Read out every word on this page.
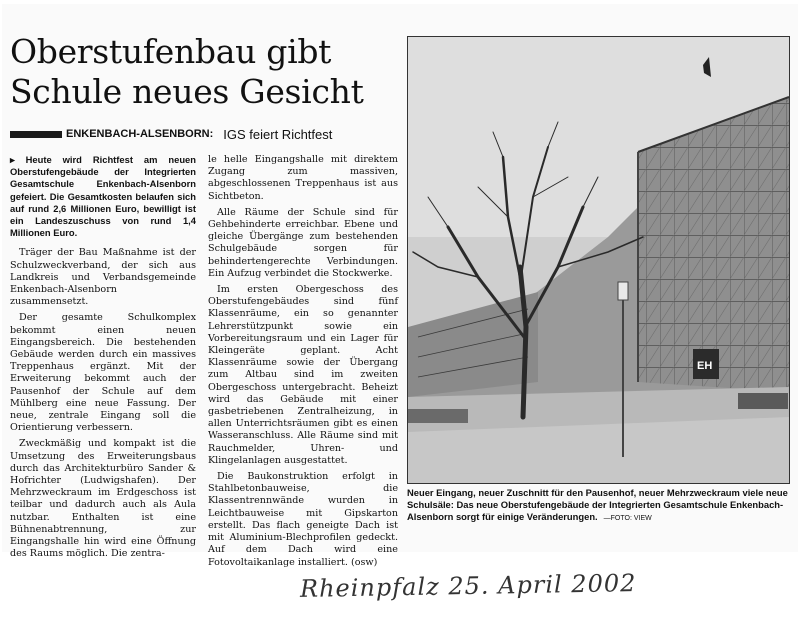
Oberstufenbau gibt
Schule neues Gesicht
ENKENBACH-ALSENBORN: IGS feiert Richtfest

▸ Heute wird Richtfest am neuen Oberstufengebäude der Integrierten Gesamtschule Enkenbach-Alsenborn gefeiert. Die Gesamtkosten belaufen sich auf rund 2,6 Millionen Euro, bewilligt ist ein Landeszuschuss von rund 1,4 Millionen Euro.

Träger der Bau Maßnahme ist der Schulzweckverband, der sich aus Landkreis und Verbandsgemeinde Enkenbach-Alsenborn zusammensetzt.

Der gesamte Schulkomplex bekommt einen neuen Eingangsbereich. Die bestehenden Gebäude werden durch ein massives Treppenhaus ergänzt. Mit der Erweiterung bekommt auch der Pausenhof der Schule auf dem Mühlberg eine neue Fassung. Der neue, zentrale Eingang soll die Orientierung verbessern.

Zweckmäßig und kompakt ist die Umsetzung des Erweiterungsbaus durch das Architekturbüro Sander & Hofrichter (Ludwigshafen). Der Mehrzweckraum im Erdgeschoss ist teilbar und dadurch auch als Aula nutzbar. Enthalten ist eine Bühnenabtrennung, zur Eingangshalle hin wird eine Öffnung des Raums möglich. Die zentra-

le helle Eingangshalle mit direktem Zugang zum massiven, abgeschlossenen Treppenhaus ist aus Sichtbeton.

Alle Räume der Schule sind für Gehbehinderte erreichbar. Ebene und gleiche Übergänge zum bestehenden Schulgebäude sorgen für behindertengerechte Verbindungen. Ein Aufzug verbindet die Stockwerke.

Im ersten Obergeschoss des Oberstufengebäudes sind fünf Klassenräume, ein so genannter Lehrerstützpunkt sowie ein Vorbereitungsraum und ein Lager für Kleingeräte geplant. Acht Klassenräume sowie der Übergang zum Altbau sind im zweiten Obergeschoss untergebracht. Beheizt wird das Gebäude mit einer gasbetriebenen Zentralheizung, in allen Unterrichtsräumen gibt es einen Wasseranschluss. Alle Räume sind mit Rauchmelder, Uhren- und Klingelanlagen ausgestattet.

Die Baukonstruktion erfolgt in Stahlbetonbauweise, die Klassentrennwände wurden in Leichtbauweise mit Gipskarton erstellt. Das flach geneigte Dach ist mit Aluminium-Blechprofilen gedeckt. Auf dem Dach wird eine Fotovoltaikanlage installiert. (osw)

EH
Neuer Eingang, neuer Zuschnitt für den Pausenhof, neuer Mehrzweckraum viele neue Schulsäle: Das neue Oberstufengebäude der Integrierten Gesamtschule Enkenbach-Alsenborn sorgt für einige Veränderungen. —FOTO: VIEW
Rheinpfalz 25. April 2002
